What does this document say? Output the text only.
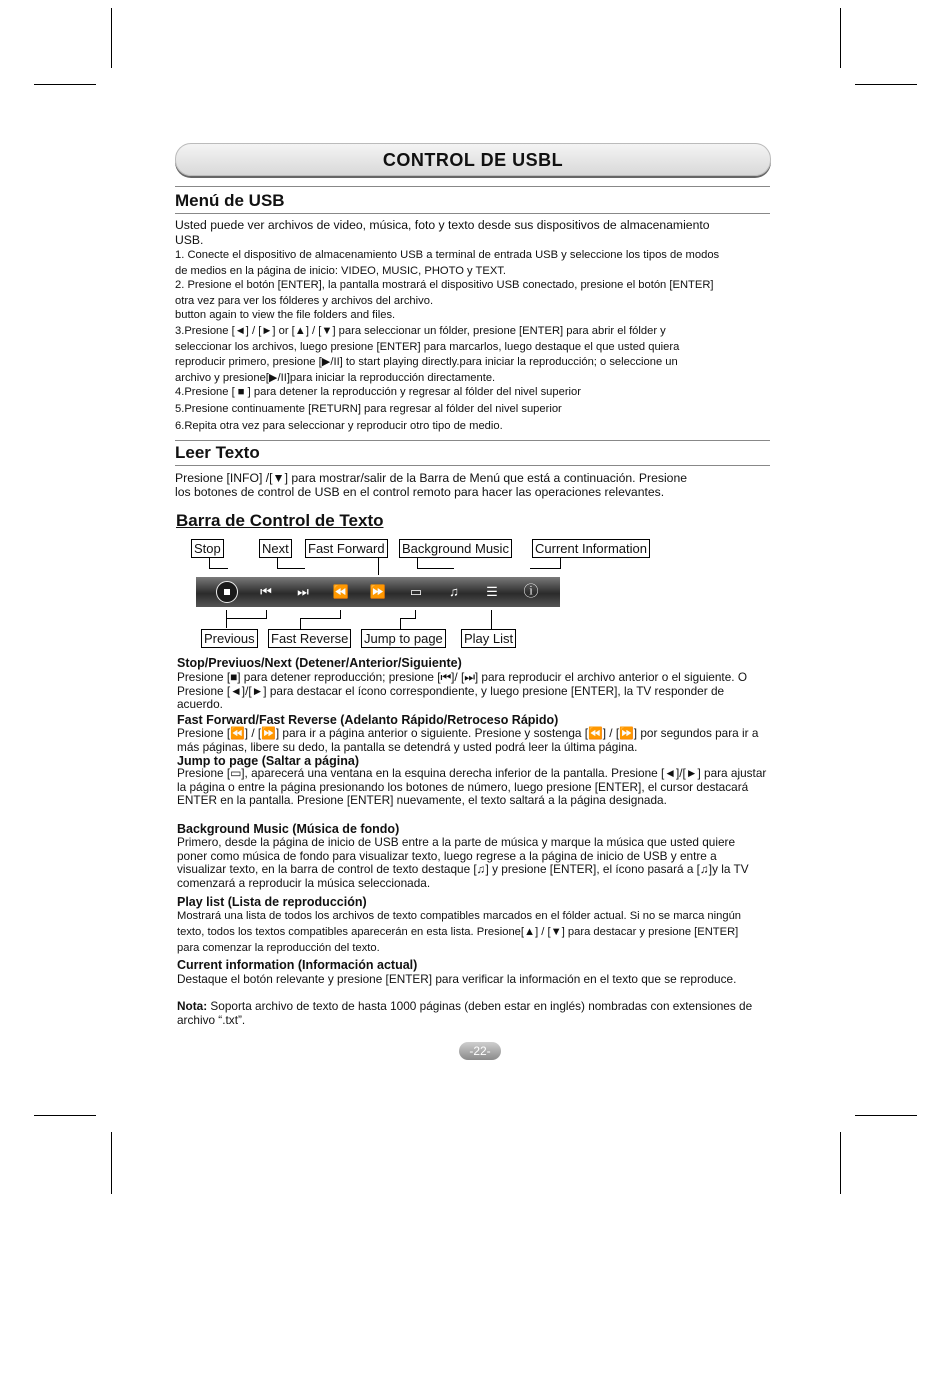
CONTROL DE USBL
Menú de USB
Usted puede ver archivos de video, música, foto y texto desde sus dispositivos de almacenamiento USB.
1. Conecte el dispositivo de almacenamiento USB a terminal de entrada USB y seleccione los tipos de modos de medios en la página de inicio: VIDEO, MUSIC, PHOTO y TEXT.
2. Presione el botón [ENTER], la pantalla mostrará el dispositivo USB conectado, presione el botón [ENTER] otra vez para ver los fólderes y archivos del archivo.
button again to view the file folders and files.
3.Presione [◄] / [►] or [▲] / [▼] para seleccionar un fólder, presione [ENTER] para abrir el fólder y seleccionar los archivos, luego presione [ENTER] para marcarlos, luego destaque el que usted quiera reproducir primero, presione [▶/II] to start playing directly.para iniciar la reproducción; o seleccione un archivo y presione[▶/II]para iniciar la reproducción directamente.
4.Presione [ ■ ] para detener la reproducción y regresar al fólder del nivel superior
5.Presione continuamente [RETURN] para regresar al fólder del nivel superior
6.Repita otra vez para seleccionar y reproducir otro tipo de medio.
Leer Texto
Presione [INFO] /[▼] para mostrar/salir de la Barra de Menú que está a continuación. Presione los botones de control de USB en el control remoto para hacer las operaciones relevantes.
Barra de Control de Texto
Stop	Next Fast Forward Background Music Current Information
⏮	⏭	⏪ ⏩ ▭	♫	☰ ⓘ
Previous Fast Reverse Jump to page Play List
Stop/Previuos/Next (Detener/Anterior/Siguiente)
Presione [■] para detener reproducción; presione [⏮]/ [⏭] para reproducir el archivo anterior o el siguiente. O Presione [◄]/[►] para destacar el ícono correspondiente, y luego presione [ENTER], la TV responder de acuerdo.
Fast Forward/Fast Reverse (Adelanto Rápido/Retroceso Rápido)
Presione [⏪] / [⏩] para ir a página anterior o siguiente. Presione y sostenga [⏪] / [⏩] por segundos para ir a más páginas, libere su dedo, la pantalla se detendrá y usted podrá leer la última página.
Jump to page (Saltar a página)
Presione [▭], aparecerá una ventana en la esquina derecha inferior de la pantalla. Presione [◄]/[►] para ajustar la página o entre la página presionando los botones de número, luego presione [ENTER], el cursor destacará ENTER en la pantalla. Presione [ENTER] nuevamente, el texto saltará a la página designada.
Background Music (Música de fondo)
Primero, desde la página de inicio de USB entre a la parte de música y marque la música que usted quiere poner como música de fondo para visualizar texto, luego regrese a la página de inicio de USB y entre a visualizar texto, en la barra de control de texto destaque [♫] y presione [ENTER], el ícono pasará a [♫]y la TV comenzará a reproducir la música seleccionada.
Play list (Lista de reproducción)
Mostrará una lista de todos los archivos de texto compatibles marcados en el fólder actual. Si no se marca ningún texto, todos los textos compatibles aparecerán en esta lista. Presione[▲] / [▼] para destacar y presione [ENTER] para comenzar la reproducción del texto.
Current information (Información actual)
Destaque el botón relevante y presione [ENTER] para verificar la información en el texto que se reproduce.
Nota: Soporta archivo de texto de hasta 1000 páginas (deben estar en inglés) nombradas con extensiones de archivo “.txt”.
-22-
